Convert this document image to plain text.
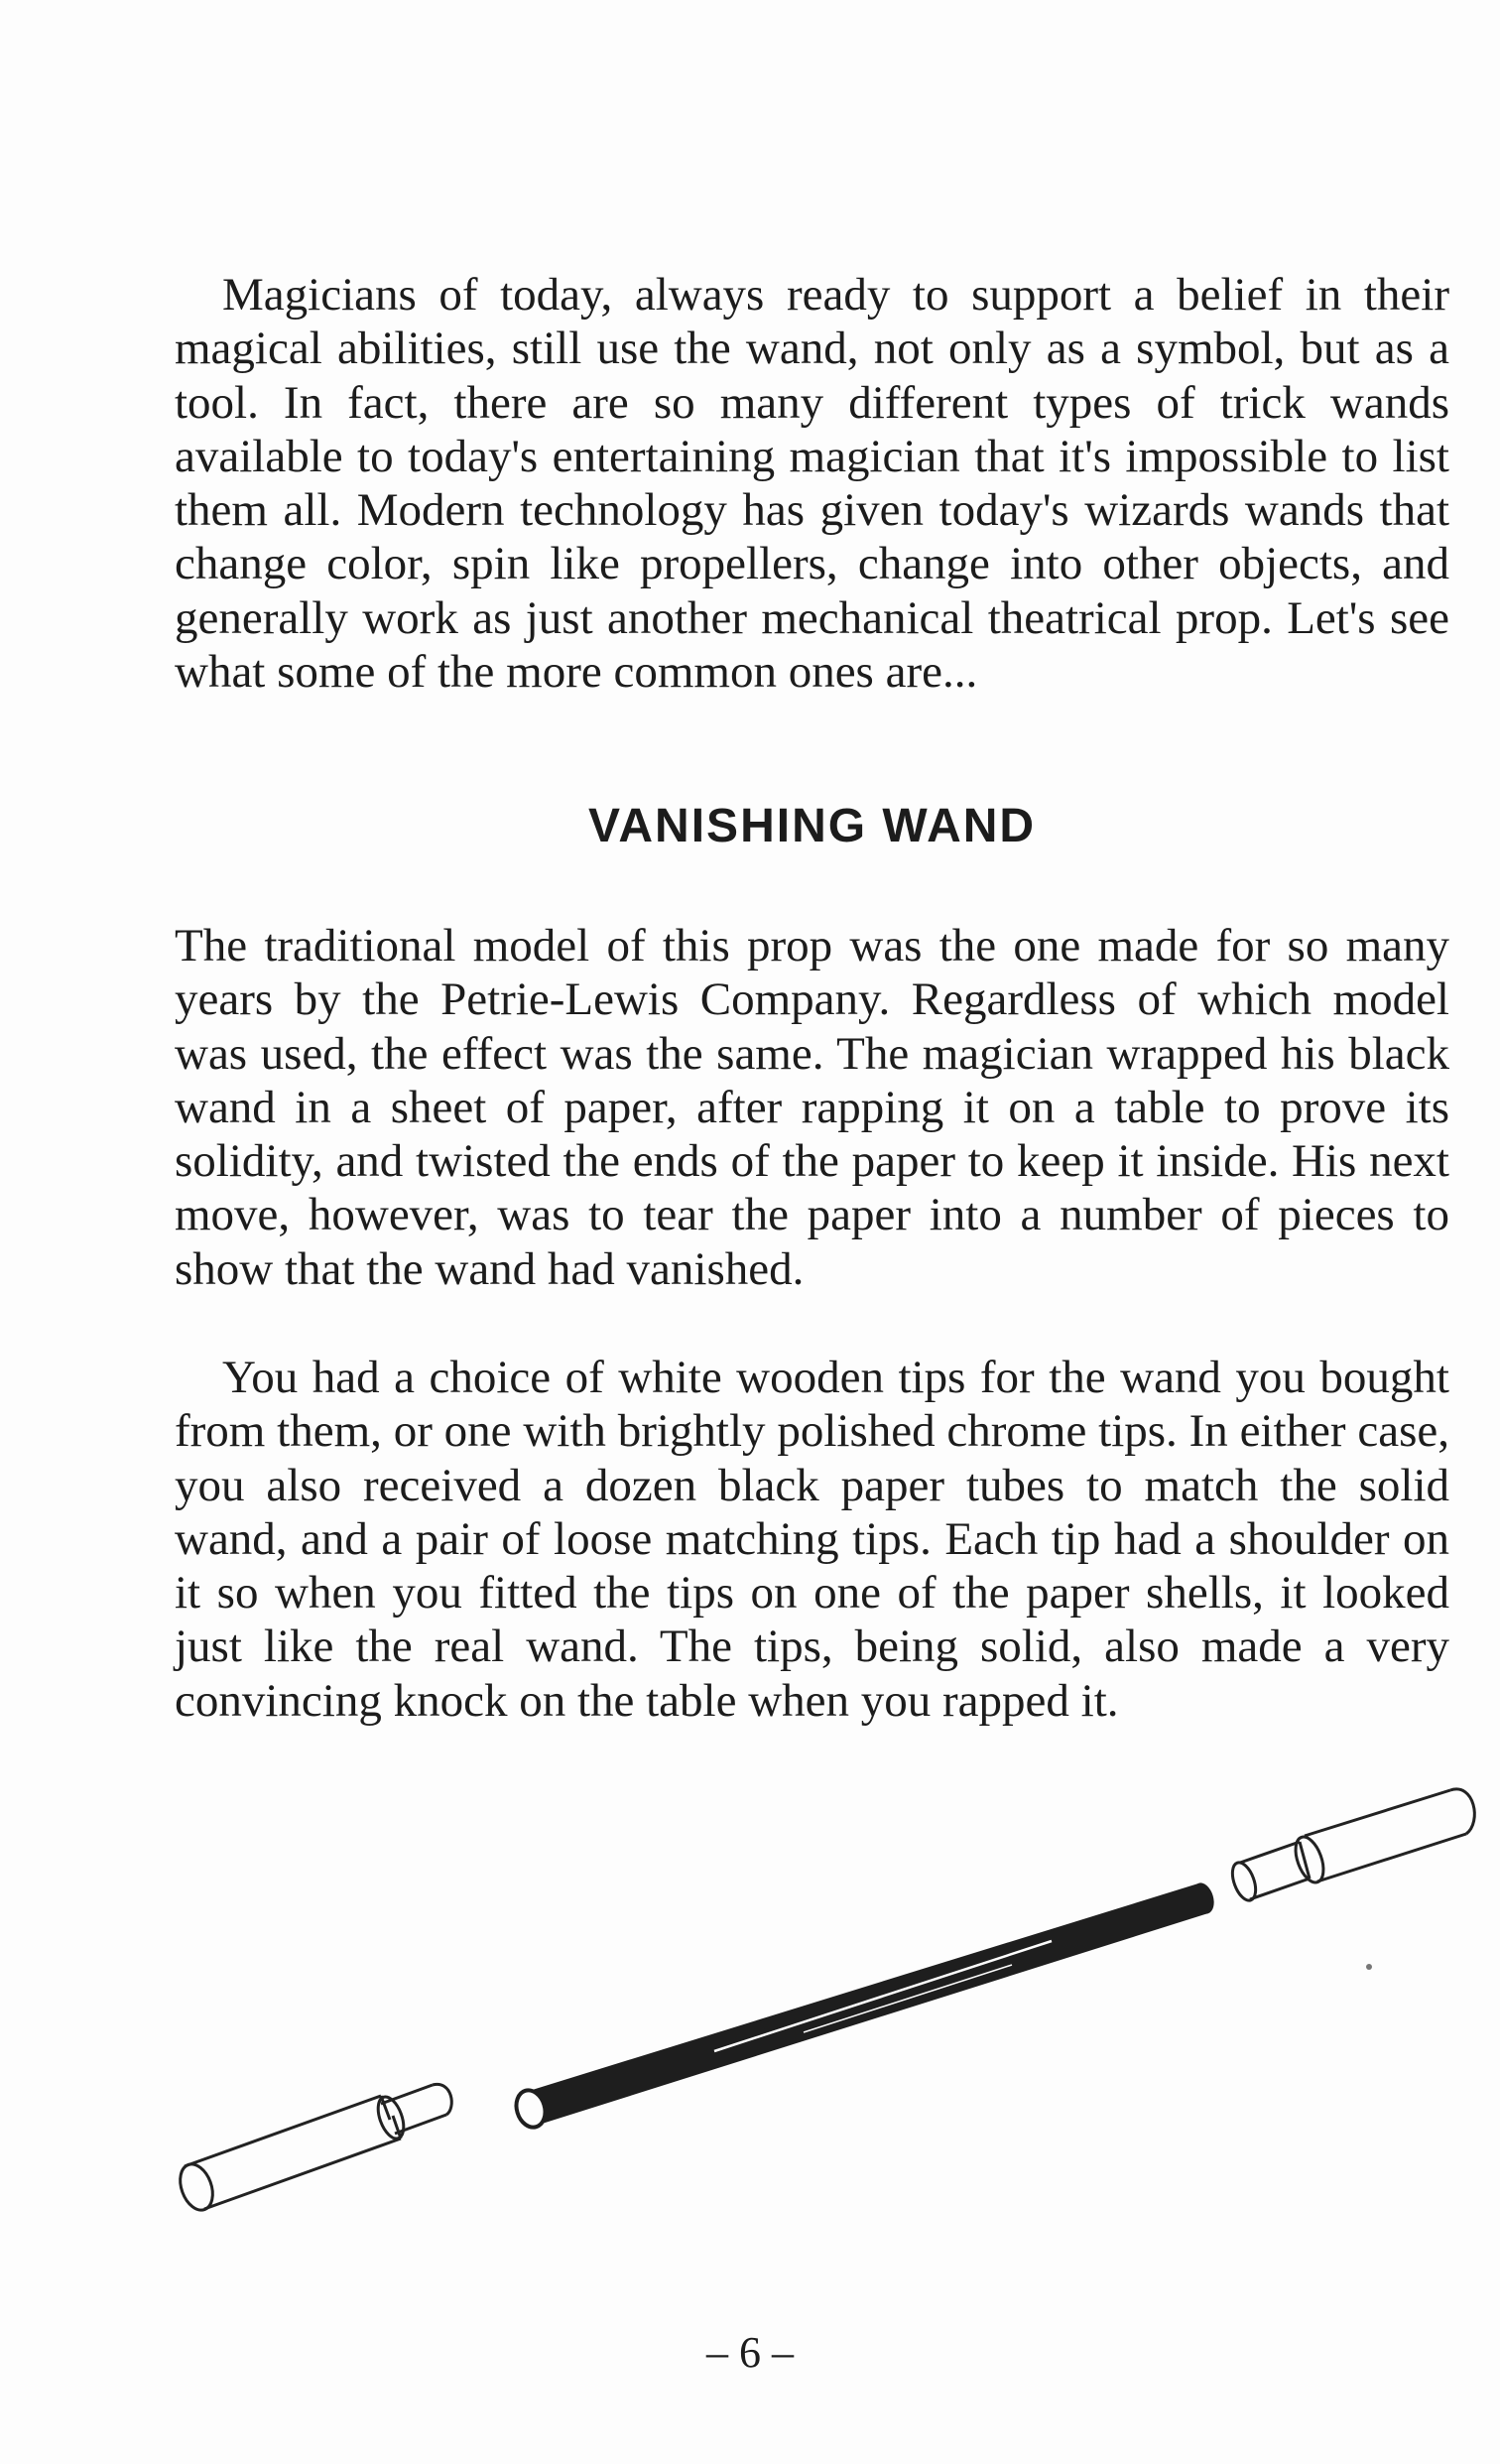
Magicians of today, always ready to support a belief in their magical abilities, still use the wand, not only as a symbol, but as a tool. In fact, there are so many different types of trick wands available to today's entertaining magician that it's impossible to list them all. Modern technology has given today's wizards wands that change color, spin like propellers, change into other objects, and generally work as just another mechanical theatrical prop. Let's see what some of the more common ones are...

VANISHING WAND

The traditional model of this prop was the one made for so many years by the Petrie-Lewis Company. Regardless of which model was used, the effect was the same. The magician wrapped his black wand in a sheet of paper, after rapping it on a table to prove its solidity, and twisted the ends of the paper to keep it inside. His next move, however, was to tear the paper into a number of pieces to show that the wand had vanished.

You had a choice of white wooden tips for the wand you bought from them, or one with brightly polished chrome tips. In either case, you also received a dozen black paper tubes to match the solid wand, and a pair of loose matching tips. Each tip had a shoulder on it so when you fitted the tips on one of the paper shells, it looked just like the real wand. The tips, being solid, also made a very convincing knock on the table when you rapped it.

– 6 –
